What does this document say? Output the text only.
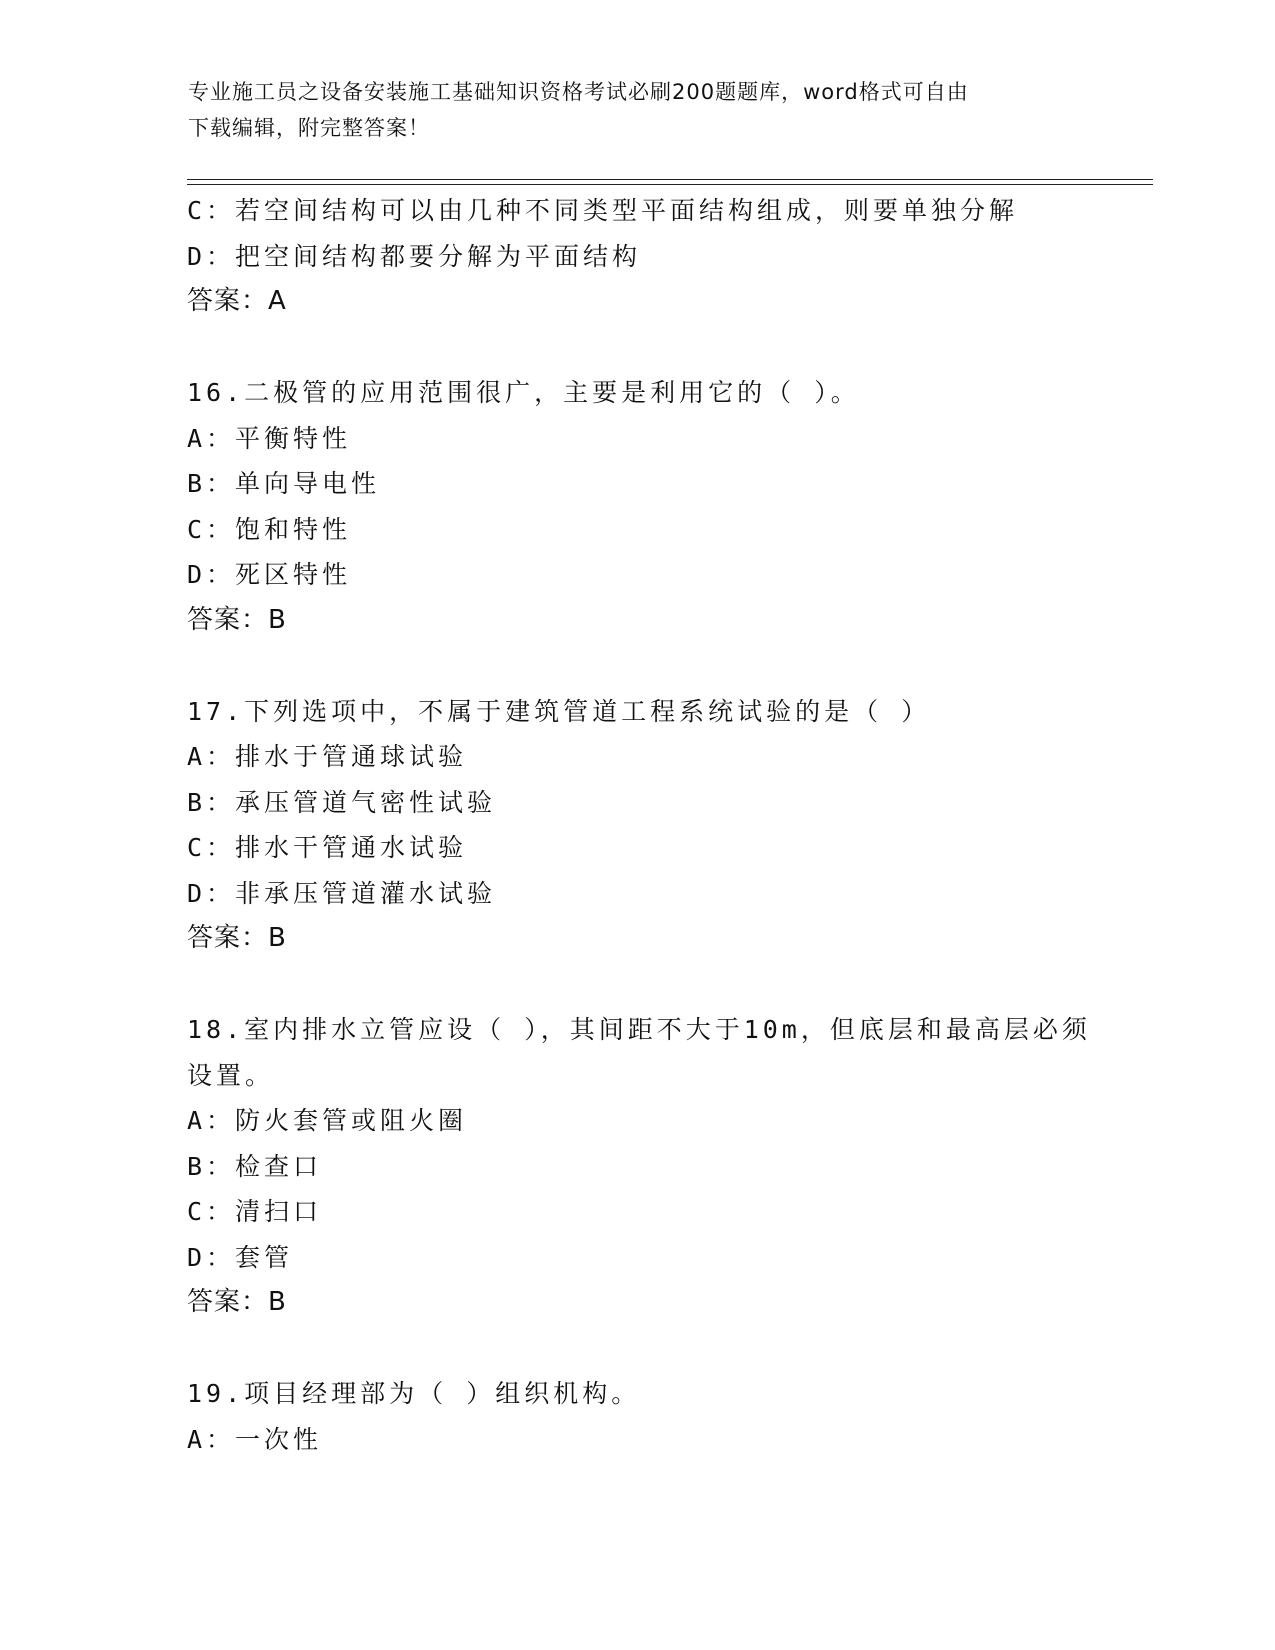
专业施工员之设备安装施工基础知识资格考试必刷200题题库，word格式可自由
下载编辑，附完整答案！
C：若空间结构可以由几种不同类型平面结构组成，则要单独分解
D：把空间结构都要分解为平面结构
答案：A
16.二极管的应用范围很广，主要是利用它的（ ）。
A：平衡特性
B：单向导电性
C：饱和特性
D：死区特性
答案：B
17.下列选项中，不属于建筑管道工程系统试验的是（ ）
A：排水于管通球试验
B：承压管道气密性试验
C：排水干管通水试验
D：非承压管道灌水试验
答案：B
18.室内排水立管应设（ ），其间距不大于10m，但底层和最高层必须
设置。
A：防火套管或阻火圈
B：检查口
C：清扫口
D：套管
答案：B
19.项目经理部为（ ）组织机构。
A：一次性
